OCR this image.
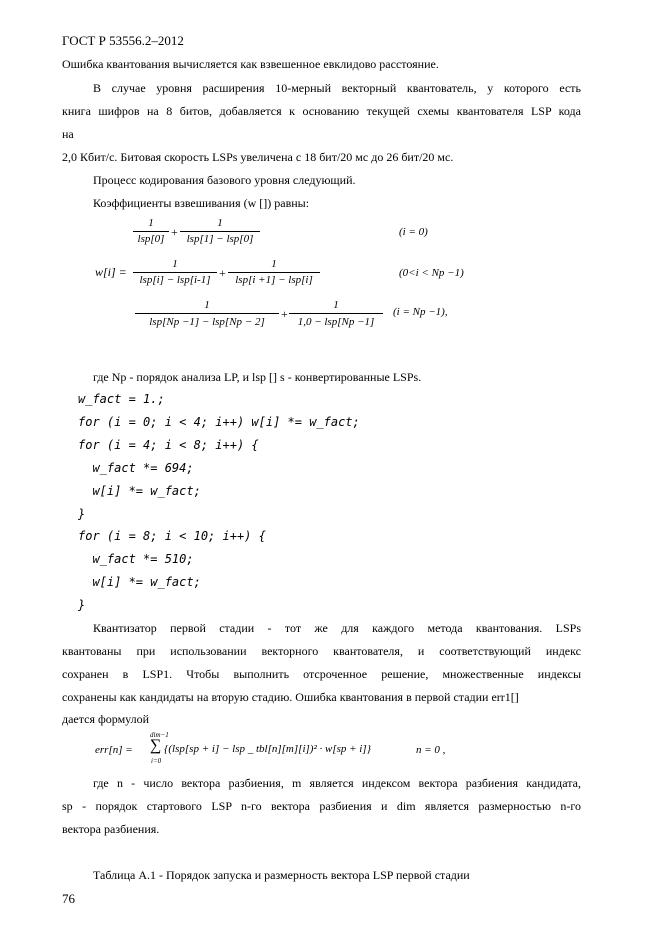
ГОСТ Р 53556.2–2012
Ошибка квантования вычисляется как взвешенное евклидово расстояние.
В случае уровня расширения 10-мерный векторный квантователь, у которого есть
книга шифров на 8 битов, добавляется к основанию текущей схемы квантователя LSP кода
на
2,0 Кбит/с. Битовая скорость LSPs увеличена с 18 бит/20 мс до 26 бит/20 мс.
Процесс кодирования базового уровня следующий.
Коэффициенты взвешивания (w []) равны:
w[i] =
1
lsp[0] +
1
lsp[1] − lsp[0]
(i = 0)
1
lsp[i] − lsp[i-1] +
1
lsp[i +1] − lsp[i]
(0<i < Np −1)
1
lsp[Np −1] − lsp[Np − 2]
+
1
1,0 − lsp[Np −1]
(i = Np −1),
где Np - порядок анализа LP, и lsp [] s - конвертированные LSPs.
w_fact = 1.;
for (i = 0; i < 4; i++) w[i] *= w_fact;
for (i = 4; i < 8; i++) {
w_fact *= 694;
w[i] *= w_fact;
}
for (i = 8; i < 10; i++) {
w_fact *= 510;
w[i] *= w_fact;
}
Квантизатор первой стадии - тот же для каждого метода квантования. LSPs
квантованы при использовании векторного квантователя, и соответствующий индекс
сохранен в LSP1. Чтобы выполнить отсроченное решение, множественные индексы
сохранены как кандидаты на вторую стадию. Ошибка квантования в первой стадии err1[]
дается формулой
err[n] =
dim−1
∑
i=0
{(lsp[sp + i] − lsp _ tbl[n][m][i])² · w[sp + i]}	n = 0 ,
где n - число вектора разбиения, m является индексом вектора разбиения кандидата,
sp - порядок стартового LSP n-го вектора разбиения и dim является размерностью n-го
вектора разбиения.
Таблица А.1 - Порядок запуска и размерность вектора LSP первой стадии
76
